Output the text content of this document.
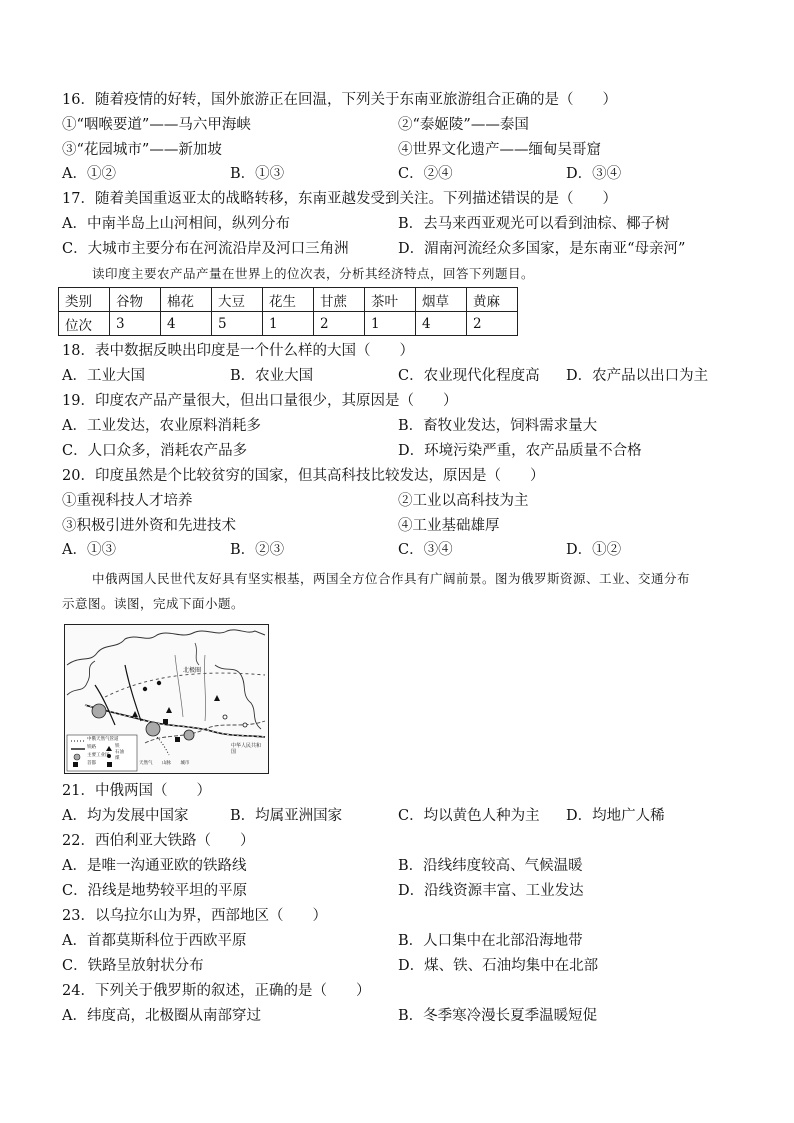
16．随着疫情的好转，国外旅游正在回温，下列关于东南亚旅游组合正确的是（　　）
①“咽喉要道”——马六甲海峡	②“泰姬陵”——泰国
③“花园城市”——新加坡	④世界文化遗产——缅甸吴哥窟
A．①②	B．①③	C．②④	D．③④
17．随着美国重返亚太的战略转移，东南亚越发受到关注。下列描述错误的是（　　）
A．中南半岛上山河相间，纵列分布	B．去马来西亚观光可以看到油棕、椰子树
C．大城市主要分布在河流沿岸及河口三角洲	D．湄南河流经众多国家，是东南亚“母亲河”
读印度主要农产品产量在世界上的位次表，分析其经济特点，回答下列题目。
类别	谷物	棉花	大豆	花生	甘蔗	茶叶	烟草	黄麻
位次	3	4	5	1	2	1	4	2
18．表中数据反映出印度是一个什么样的大国（　　）
A．工业大国	B．农业大国	C．农业现代化程度高 D．农产品以出口为主
19．印度农产品产量很大，但出口量很少，其原因是（　　）
A．工业发达，农业原料消耗多	B．畜牧业发达，饲料需求量大
C．人口众多，消耗农产品多	D．环境污染严重，农产品质量不合格
20．印度虽然是个比较贫穷的国家，但其高科技比较发达，原因是（　　）
①重视科技人才培养	②工业以高科技为主
③积极引进外资和先进技术	④工业基础雄厚
A．①③	B．②③	C．③④	D．①②
中俄两国人民世代友好具有坚实根基，两国全方位合作具有广阔前景。图为俄罗斯资源、工业、交通分布
示意图。读图，完成下面小题。
北极圈
中华人民共和国
中俄天然气管道
铁路
主要工业区
首都
铁
石油
煤
天然气 山脉 城市
21．中俄两国（　　）
A．均为发展中国家	B．均属亚洲国家	C．均以黄色人种为主 D．均地广人稀
22．西伯利亚大铁路（　　）
A．是唯一沟通亚欧的铁路线	B．沿线纬度较高、气候温暖
C．沿线是地势较平坦的平原	D．沿线资源丰富、工业发达
23．以乌拉尔山为界，西部地区（　　）
A．首都莫斯科位于西欧平原	B．人口集中在北部沿海地带
C．铁路呈放射状分布	D．煤、铁、石油均集中在北部
24．下列关于俄罗斯的叙述，正确的是（　　）
A．纬度高，北极圈从南部穿过	B．冬季寒冷漫长夏季温暖短促
